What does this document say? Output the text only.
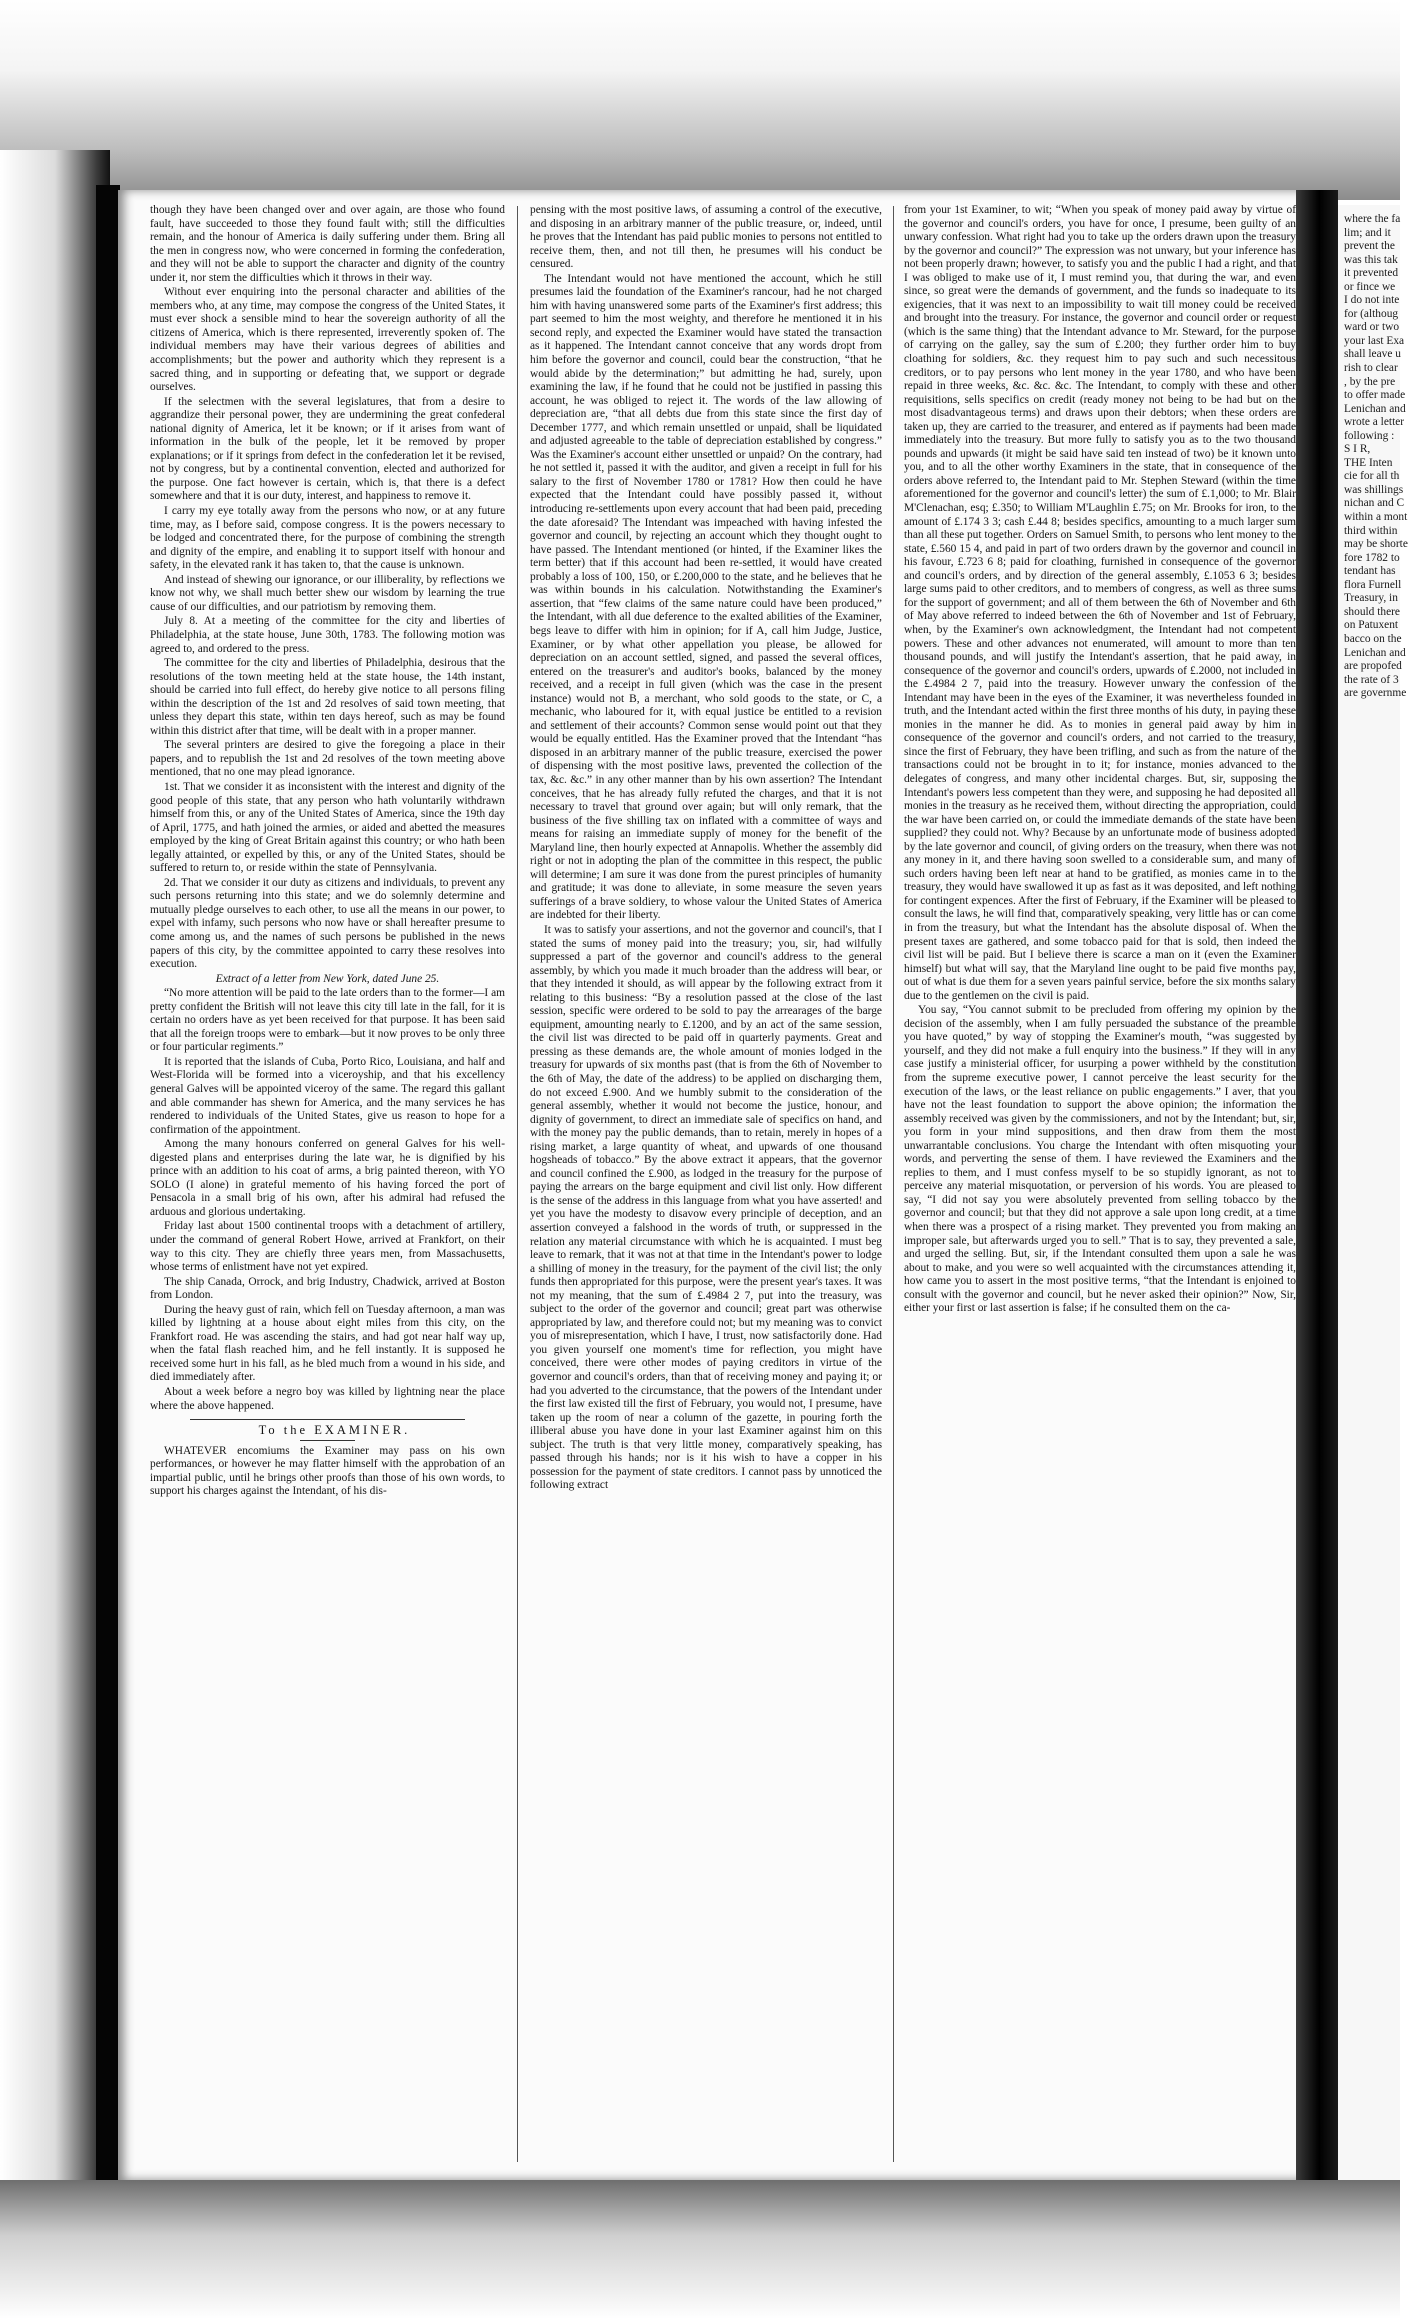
though they have been changed over and over again, are those who found fault, have succeeded to those they found fault with; still the difficulties remain, and the honour of America is daily suffering under them. Bring all the men in congress now, who were concerned in forming the confederation, and they will not be able to support the character and dignity of the country under it, nor stem the difficulties which it throws in their way.

Without ever enquiring into the personal character and abilities of the members who, at any time, may compose the congress of the United States, it must ever shock a sensible mind to hear the sovereign authority of all the citizens of America, which is there represented, irreverently spoken of. The individual members may have their various degrees of abilities and accomplishments; but the power and authority which they represent is a sacred thing, and in supporting or defeating that, we support or degrade ourselves.

If the selectmen with the several legislatures, that from a desire to aggrandize their personal power, they are undermining the great confederal national dignity of America, let it be known; or if it arises from want of information in the bulk of the people, let it be removed by proper explanations; or if it springs from defect in the confederation let it be revised, not by congress, but by a continental convention, elected and authorized for the purpose. One fact however is certain, which is, that there is a defect somewhere and that it is our duty, interest, and happiness to remove it.

I carry my eye totally away from the persons who now, or at any future time, may, as I before said, compose congress. It is the powers necessary to be lodged and concentrated there, for the purpose of combining the strength and dignity of the empire, and enabling it to support itself with honour and safety, in the elevated rank it has taken to, that the cause is unknown.

And instead of shewing our ignorance, or our illiberality, by reflections we know not why, we shall much better shew our wisdom by learning the true cause of our difficulties, and our patriotism by removing them.

July 8. At a meeting of the committee for the city and liberties of Philadelphia, at the state house, June 30th, 1783. The following motion was agreed to, and ordered to the press.

The committee for the city and liberties of Philadelphia, desirous that the resolutions of the town meeting held at the state house, the 14th instant, should be carried into full effect, do hereby give notice to all persons filing within the description of the 1st and 2d resolves of said town meeting, that unless they depart this state, within ten days hereof, such as may be found within this district after that time, will be dealt with in a proper manner.

The several printers are desired to give the foregoing a place in their papers, and to republish the 1st and 2d resolves of the town meeting above mentioned, that no one may plead ignorance.

1st. That we consider it as inconsistent with the interest and dignity of the good people of this state, that any person who hath voluntarily withdrawn himself from this, or any of the United States of America, since the 19th day of April, 1775, and hath joined the armies, or aided and abetted the measures employed by the king of Great Britain against this country; or who hath been legally attainted, or expelled by this, or any of the United States, should be suffered to return to, or reside within the state of Pennsylvania.

2d. That we consider it our duty as citizens and individuals, to prevent any such persons returning into this state; and we do solemnly determine and mutually pledge ourselves to each other, to use all the means in our power, to expel with infamy, such persons who now have or shall hereafter presume to come among us, and the names of such persons be published in the news papers of this city, by the committee appointed to carry these resolves into execution.

Extract of a letter from New York, dated June 25.

“No more attention will be paid to the late orders than to the former—I am pretty confident the British will not leave this city till late in the fall, for it is certain no orders have as yet been received for that purpose. It has been said that all the foreign troops were to embark—but it now proves to be only three or four particular regiments.”

It is reported that the islands of Cuba, Porto Rico, Louisiana, and half and West-Florida will be formed into a viceroyship, and that his excellency general Galves will be appointed viceroy of the same. The regard this gallant and able commander has shewn for America, and the many services he has rendered to individuals of the United States, give us reason to hope for a confirmation of the appointment.

Among the many honours conferred on general Galves for his well-digested plans and enterprises during the late war, he is dignified by his prince with an addition to his coat of arms, a brig painted thereon, with YO SOLO (I alone) in grateful memento of his having forced the port of Pensacola in a small brig of his own, after his admiral had refused the arduous and glorious undertaking.

Friday last about 1500 continental troops with a detachment of artillery, under the command of general Robert Howe, arrived at Frankfort, on their way to this city. They are chiefly three years men, from Massachusetts, whose terms of enlistment have not yet expired.

The ship Canada, Orrock, and brig Industry, Chadwick, arrived at Boston from London.

During the heavy gust of rain, which fell on Tuesday afternoon, a man was killed by lightning at a house about eight miles from this city, on the Frankfort road. He was ascending the stairs, and had got near half way up, when the fatal flash reached him, and he fell instantly. It is supposed he received some hurt in his fall, as he bled much from a wound in his side, and died immediately after.

About a week before a negro boy was killed by lightning near the place where the above happened.

To the EXAMINER.

WHATEVER encomiums the Examiner may pass on his own performances, or however he may flatter himself with the approbation of an impartial public, until he brings other proofs than those of his own words, to support his charges against the Intendant, of his dis-

pensing with the most positive laws, of assuming a control of the executive, and disposing in an arbitrary manner of the public treasure, or, indeed, until he proves that the Intendant has paid public monies to persons not entitled to receive them, then, and not till then, he presumes will his conduct be censured.

The Intendant would not have mentioned the account, which he still presumes laid the foundation of the Examiner's rancour, had he not charged him with having unanswered some parts of the Examiner's first address; this part seemed to him the most weighty, and therefore he mentioned it in his second reply, and expected the Examiner would have stated the transaction as it happened. The Intendant cannot conceive that any words dropt from him before the governor and council, could bear the construction, “that he would abide by the determination;” but admitting he had, surely, upon examining the law, if he found that he could not be justified in passing this account, he was obliged to reject it. The words of the law allowing of depreciation are, “that all debts due from this state since the first day of December 1777, and which remain unsettled or unpaid, shall be liquidated and adjusted agreeable to the table of depreciation established by congress.” Was the Examiner's account either unsettled or unpaid? On the contrary, had he not settled it, passed it with the auditor, and given a receipt in full for his salary to the first of November 1780 or 1781? How then could he have expected that the Intendant could have possibly passed it, without introducing re-settlements upon every account that had been paid, preceding the date aforesaid? The Intendant was impeached with having infested the governor and council, by rejecting an account which they thought ought to have passed. The Intendant mentioned (or hinted, if the Examiner likes the term better) that if this account had been re-settled, it would have created probably a loss of 100, 150, or £.200,000 to the state, and he believes that he was within bounds in his calculation. Notwithstanding the Examiner's assertion, that “few claims of the same nature could have been produced,” the Intendant, with all due deference to the exalted abilities of the Examiner, begs leave to differ with him in opinion; for if A, call him Judge, Justice, Examiner, or by what other appellation you please, be allowed for depreciation on an account settled, signed, and passed the several offices, entered on the treasurer's and auditor's books, balanced by the money received, and a receipt in full given (which was the case in the present instance) would not B, a merchant, who sold goods to the state, or C, a mechanic, who laboured for it, with equal justice be entitled to a revision and settlement of their accounts? Common sense would point out that they would be equally entitled. Has the Examiner proved that the Intendant “has disposed in an arbitrary manner of the public treasure, exercised the power of dispensing with the most positive laws, prevented the collection of the tax, &c. &c.” in any other manner than by his own assertion? The Intendant conceives, that he has already fully refuted the charges, and that it is not necessary to travel that ground over again; but will only remark, that the business of the five shilling tax on inflated with a committee of ways and means for raising an immediate supply of money for the benefit of the Maryland line, then hourly expected at Annapolis. Whether the assembly did right or not in adopting the plan of the committee in this respect, the public will determine; I am sure it was done from the purest principles of humanity and gratitude; it was done to alleviate, in some measure the seven years sufferings of a brave soldiery, to whose valour the United States of America are indebted for their liberty.

It was to satisfy your assertions, and not the governor and council's, that I stated the sums of money paid into the treasury; you, sir, had wilfully suppressed a part of the governor and council's address to the general assembly, by which you made it much broader than the address will bear, or that they intended it should, as will appear by the following extract from it relating to this business: “By a resolution passed at the close of the last session, specific were ordered to be sold to pay the arrearages of the barge equipment, amounting nearly to £.1200, and by an act of the same session, the civil list was directed to be paid off in quarterly payments. Great and pressing as these demands are, the whole amount of monies lodged in the treasury for upwards of six months past (that is from the 6th of November to the 6th of May, the date of the address) to be applied on discharging them, do not exceed £.900. And we humbly submit to the consideration of the general assembly, whether it would not become the justice, honour, and dignity of government, to direct an immediate sale of specifics on hand, and with the money pay the public demands, than to retain, merely in hopes of a rising market, a large quantity of wheat, and upwards of one thousand hogsheads of tobacco.” By the above extract it appears, that the governor and council confined the £.900, as lodged in the treasury for the purpose of paying the arrears on the barge equipment and civil list only. How different is the sense of the address in this language from what you have asserted! and yet you have the modesty to disavow every principle of deception, and an assertion conveyed a falshood in the words of truth, or suppressed in the relation any material circumstance with which he is acquainted. I must beg leave to remark, that it was not at that time in the Intendant's power to lodge a shilling of money in the treasury, for the payment of the civil list; the only funds then appropriated for this purpose, were the present year's taxes. It was not my meaning, that the sum of £.4984 2 7, put into the treasury, was subject to the order of the governor and council; great part was otherwise appropriated by law, and therefore could not; but my meaning was to convict you of misrepresentation, which I have, I trust, now satisfactorily done. Had you given yourself one moment's time for reflection, you might have conceived, there were other modes of paying creditors in virtue of the governor and council's orders, than that of receiving money and paying it; or had you adverted to the circumstance, that the powers of the Intendant under the first law existed till the first of February, you would not, I presume, have taken up the room of near a column of the gazette, in pouring forth the illiberal abuse you have done in your last Examiner against him on this subject. The truth is that very little money, comparatively speaking, has passed through his hands; nor is it his wish to have a copper in his possession for the payment of state creditors. I cannot pass by unnoticed the following extract

from your 1st Examiner, to wit; “When you speak of money paid away by virtue of the governor and council's orders, you have for once, I presume, been guilty of an unwary confession. What right had you to take up the orders drawn upon the treasury by the governor and council?” The expression was not unwary, but your inference has not been properly drawn; however, to satisfy you and the public I had a right, and that I was obliged to make use of it, I must remind you, that during the war, and even since, so great were the demands of government, and the funds so inadequate to its exigencies, that it was next to an impossibility to wait till money could be received and brought into the treasury. For instance, the governor and council order or request (which is the same thing) that the Intendant advance to Mr. Steward, for the purpose of carrying on the galley, say the sum of £.200; they further order him to buy cloathing for soldiers, &c. they request him to pay such and such necessitous creditors, or to pay persons who lent money in the year 1780, and who have been repaid in three weeks, &c. &c. &c. The Intendant, to comply with these and other requisitions, sells specifics on credit (ready money not being to be had but on the most disadvantageous terms) and draws upon their debtors; when these orders are taken up, they are carried to the treasurer, and entered as if payments had been made immediately into the treasury. But more fully to satisfy you as to the two thousand pounds and upwards (it might be said have said ten instead of two) be it known unto you, and to all the other worthy Examiners in the state, that in consequence of the orders above referred to, the Intendant paid to Mr. Stephen Steward (within the time aforementioned for the governor and council's letter) the sum of £.1,000; to Mr. Blair M'Clenachan, esq; £.350; to William M'Laughlin £.75; on Mr. Brooks for iron, to the amount of £.174 3 3; cash £.44 8; besides specifics, amounting to a much larger sum than all these put together. Orders on Samuel Smith, to persons who lent money to the state, £.560 15 4, and paid in part of two orders drawn by the governor and council in his favour, £.723 6 8; paid for cloathing, furnished in consequence of the governor and council's orders, and by direction of the general assembly, £.1053 6 3; besides large sums paid to other creditors, and to members of congress, as well as three sums for the support of government; and all of them between the 6th of November and 6th of May above referred to indeed between the 6th of November and 1st of February, when, by the Examiner's own acknowledgment, the Intendant had not competent powers. These and other advances not enumerated, will amount to more than ten thousand pounds, and will justify the Intendant's assertion, that he paid away, in consequence of the governor and council's orders, upwards of £.2000, not included in the £.4984 2 7, paid into the treasury. However unwary the confession of the Intendant may have been in the eyes of the Examiner, it was nevertheless founded in truth, and the Intendant acted within the first three months of his duty, in paying these monies in the manner he did. As to monies in general paid away by him in consequence of the governor and council's orders, and not carried to the treasury, since the first of February, they have been trifling, and such as from the nature of the transactions could not be brought in to it; for instance, monies advanced to the delegates of congress, and many other incidental charges. But, sir, supposing the Intendant's powers less competent than they were, and supposing he had deposited all monies in the treasury as he received them, without directing the appropriation, could the war have been carried on, or could the immediate demands of the state have been supplied? they could not. Why? Because by an unfortunate mode of business adopted by the late governor and council, of giving orders on the treasury, when there was not any money in it, and there having soon swelled to a considerable sum, and many of such orders having been left near at hand to be gratified, as monies came in to the treasury, they would have swallowed it up as fast as it was deposited, and left nothing for contingent expences. After the first of February, if the Examiner will be pleased to consult the laws, he will find that, comparatively speaking, very little has or can come in from the treasury, but what the Intendant has the absolute disposal of. When the present taxes are gathered, and some tobacco paid for that is sold, then indeed the civil list will be paid. But I believe there is scarce a man on it (even the Examiner himself) but what will say, that the Maryland line ought to be paid five months pay, out of what is due them for a seven years painful service, before the six months salary due to the gentlemen on the civil is paid.

You say, “You cannot submit to be precluded from offering my opinion by the decision of the assembly, when I am fully persuaded the substance of the preamble you have quoted,” by way of stopping the Examiner's mouth, “was suggested by yourself, and they did not make a full enquiry into the business.” If they will in any case justify a ministerial officer, for usurping a power withheld by the constitution from the supreme executive power, I cannot perceive the least security for the execution of the laws, or the least reliance on public engagements.” I aver, that you have not the least foundation to support the above opinion; the information the assembly received was given by the commissioners, and not by the Intendant; but, sir, you form in your mind suppositions, and then draw from them the most unwarrantable conclusions. You charge the Intendant with often misquoting your words, and perverting the sense of them. I have reviewed the Examiners and the replies to them, and I must confess myself to be so stupidly ignorant, as not to perceive any material misquotation, or perversion of his words. You are pleased to say, “I did not say you were absolutely prevented from selling tobacco by the governor and council; but that they did not approve a sale upon long credit, at a time when there was a prospect of a rising market. They prevented you from making an improper sale, but afterwards urged you to sell.” That is to say, they prevented a sale, and urged the selling. But, sir, if the Intendant consulted them upon a sale he was about to make, and you were so well acquainted with the circumstances attending it, how came you to assert in the most positive terms, “that the Intendant is enjoined to consult with the governor and council, but he never asked their opinion?” Now, Sir, either your first or last assertion is false; if he consulted them on the ca-

where the fa
lim; and it
prevent the
was this tak
it prevented
or fince we
I do not inte
for (althoug
ward or two
your last Exa
shall leave u
rish to clear
, by the pre
to offer made
Lenichan and
wrote a letter
following :
S I R,
THE Inten
cie for all th
was shillings
nichan and C
within a mont
third within
may be shorte
fore 1782 to
tendant has
flora Furnell
Treasury, in
should there
on Patuxent
bacco on the
Lenichan and
are propofed
the rate of 3
are governme
